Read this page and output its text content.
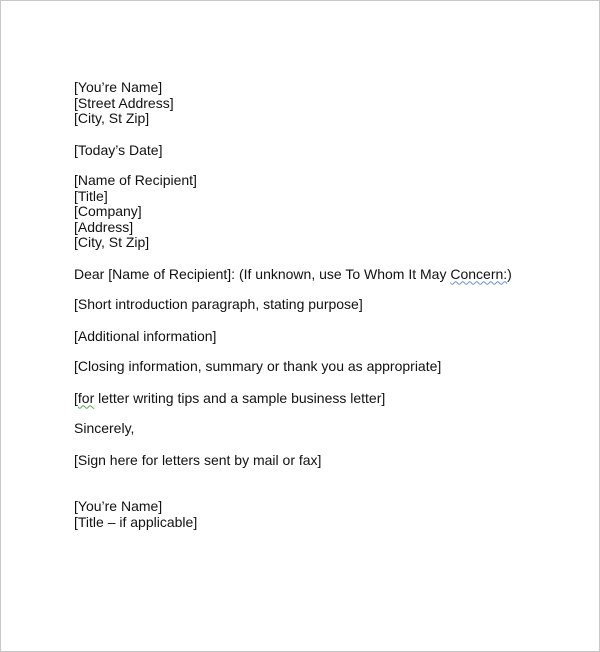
[You’re Name]
[Street Address]
[City, St Zip]
[Today’s Date]
[Name of Recipient]
[Title]
[Company]
[Address]
[City, St Zip]
Dear [Name of Recipient]: (If unknown, use To Whom It May Concern:)
[Short introduction paragraph, stating purpose]
[Additional information]
[Closing information, summary or thank you as appropriate]
[for letter writing tips and a sample business letter]
Sincerely,
[Sign here for letters sent by mail or fax]
[You’re Name]
[Title – if applicable]
